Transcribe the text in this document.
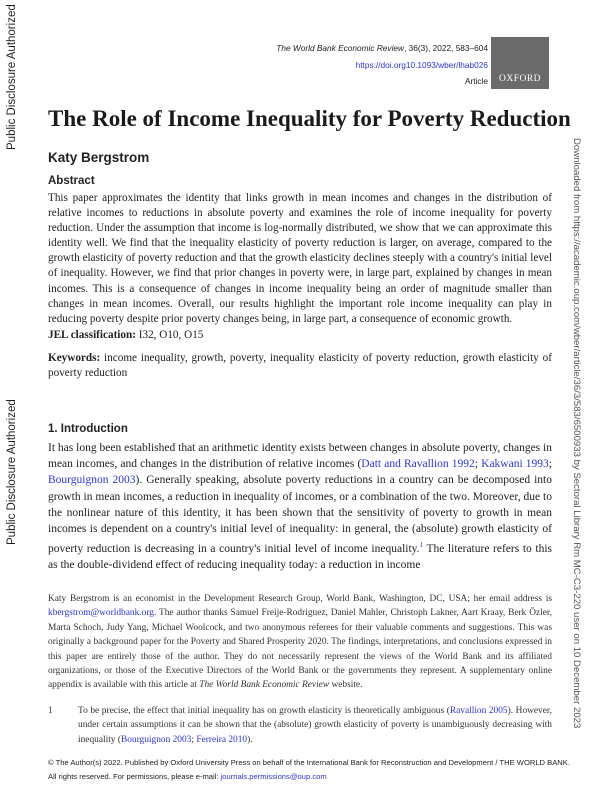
Public Disclosure Authorized
Public Disclosure Authorized	Downloaded from https://academic.oup.com/wber/article/36/3/583/6500933 by Sectoral Library Rm MC-C3-220 user on 10 December 2023
The World Bank Economic Review, 36(3), 2022, 583–604
https://doi.org10.1093/wber/lhab026
Article OXFORD
The Role of Income Inequality for Poverty Reduction
Katy Bergstrom
Abstract
This paper approximates the identity that links growth in mean incomes and changes in the distribution of relative incomes to reductions in absolute poverty and examines the role of income inequality for poverty reduction. Under the assumption that income is log-normally distributed, we show that we can approximate this identity well. We find that the inequality elasticity of poverty reduction is larger, on average, compared to the growth elasticity of poverty reduction and that the growth elasticity declines steeply with a country's initial level of inequality. However, we find that prior changes in poverty were, in large part, explained by changes in mean incomes. This is a consequence of changes in income inequality being an order of magnitude smaller than changes in mean incomes. Overall, our results highlight the important role income inequality can play in reducing poverty despite prior poverty changes being, in large part, a consequence of economic growth.
JEL classification: I32, O10, O15
Keywords: income inequality, growth, poverty, inequality elasticity of poverty reduction, growth elasticity of poverty reduction
1. Introduction
It has long been established that an arithmetic identity exists between changes in absolute poverty, changes in mean incomes, and changes in the distribution of relative incomes (Datt and Ravallion 1992; Kakwani 1993; Bourguignon 2003). Generally speaking, absolute poverty reductions in a country can be decomposed into growth in mean incomes, a reduction in inequality of incomes, or a combination of the two. Moreover, due to the nonlinear nature of this identity, it has been shown that the sensitivity of poverty to growth in mean incomes is dependent on a country's initial level of inequality: in general, the (absolute) growth elasticity of poverty reduction is decreasing in a country's initial level of income inequality.$^1$ The literature refers to this as the double-dividend effect of reducing inequality today: a reduction in income
Katy Bergstrom is an economist in the Development Research Group, World Bank, Washington, DC, USA; her email address is kbergstrom@worldbank.org. The author thanks Samuel Freije-Rodriguez, Daniel Mahler, Christoph Lakner, Aart Kraay, Berk Özler, Marta Schoch, Judy Yang, Michael Woolcock, and two anonymous referees for their valuable comments and suggestions. This was originally a background paper for the Poverty and Shared Prosperity 2020. The findings, interpretations, and conclusions expressed in this paper are entirely those of the author. They do not necessarily represent the views of the World Bank and its affiliated organizations, or those of the Executive Directors of the World Bank or the governments they represent. A supplementary online appendix is available with this article at The World Bank Economic Review website.
1	To be precise, the effect that initial inequality has on growth elasticity is theoretically ambiguous (Ravallion 2005). However, under certain assumptions it can be shown that the (absolute) growth elasticity of poverty is unambiguously decreasing with inequality (Bourguignon 2003; Ferreira 2010).
© The Author(s) 2022. Published by Oxford University Press on behalf of the International Bank for Reconstruction and Development / THE WORLD BANK.
All rights reserved. For permissions, please e-mail: journals.permissions@oup.com
